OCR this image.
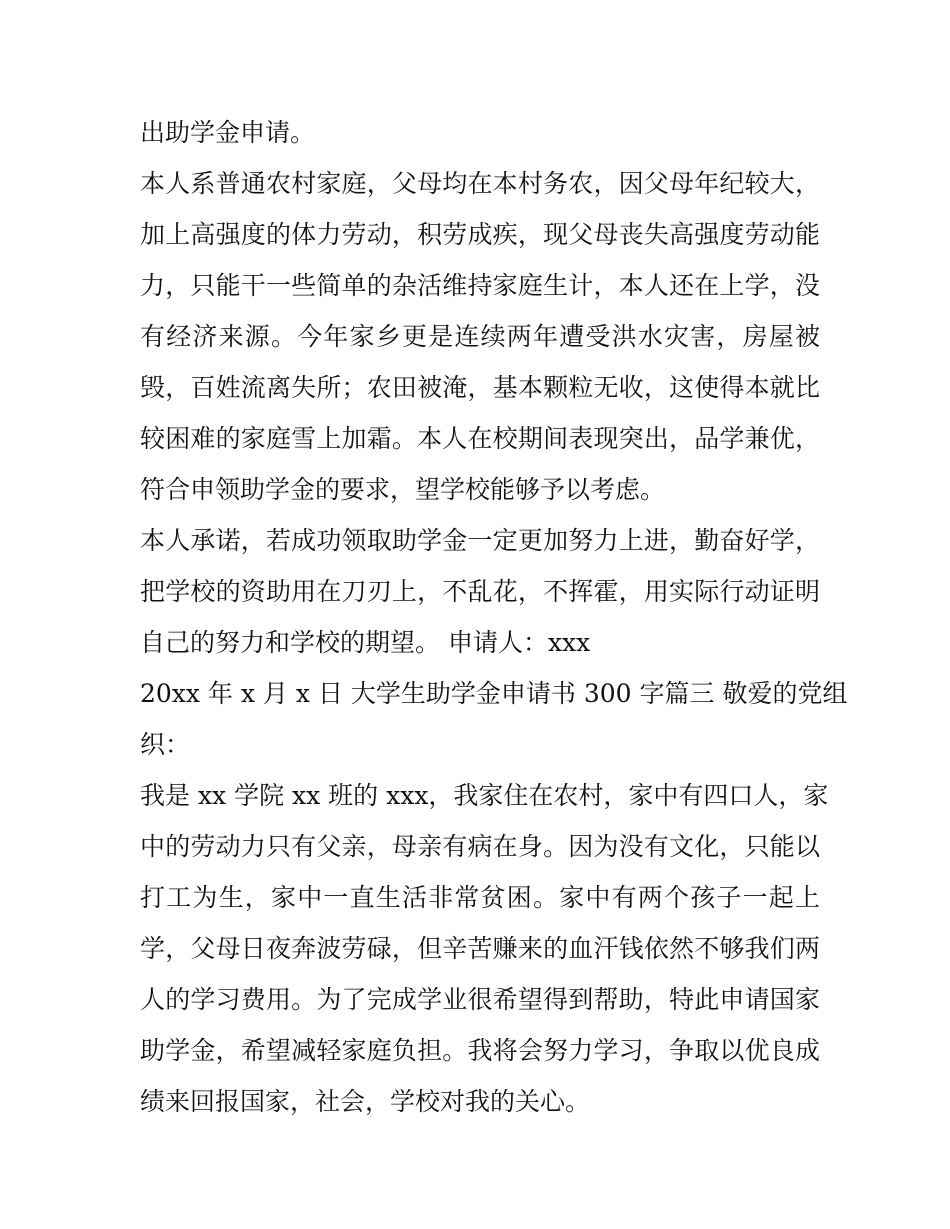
出助学金申请。
本人系普通农村家庭，父母均在本村务农，因父母年纪较大，
加上高强度的体力劳动，积劳成疾，现父母丧失高强度劳动能
力，只能干一些简单的杂活维持家庭生计，本人还在上学，没
有经济来源。今年家乡更是连续两年遭受洪水灾害，房屋被
毁，百姓流离失所；农田被淹，基本颗粒无收，这使得本就比
较困难的家庭雪上加霜。本人在校期间表现突出，品学兼优，
符合申领助学金的要求，望学校能够予以考虑。
本人承诺，若成功领取助学金一定更加努力上进，勤奋好学，
把学校的资助用在刀刃上，不乱花，不挥霍，用实际行动证明
自己的努力和学校的期望。 申请人：xxx
20xx 年 x 月 x 日 大学生助学金申请书 300 字篇三 敬爱的党组
织：
我是 xx 学院 xx 班的 xxx，我家住在农村，家中有四口人，家
中的劳动力只有父亲，母亲有病在身。因为没有文化，只能以
打工为生，家中一直生活非常贫困。家中有两个孩子一起上
学，父母日夜奔波劳碌，但辛苦赚来的血汗钱依然不够我们两
人的学习费用。为了完成学业很希望得到帮助，特此申请国家
助学金，希望减轻家庭负担。我将会努力学习，争取以优良成
绩来回报国家，社会，学校对我的关心。
